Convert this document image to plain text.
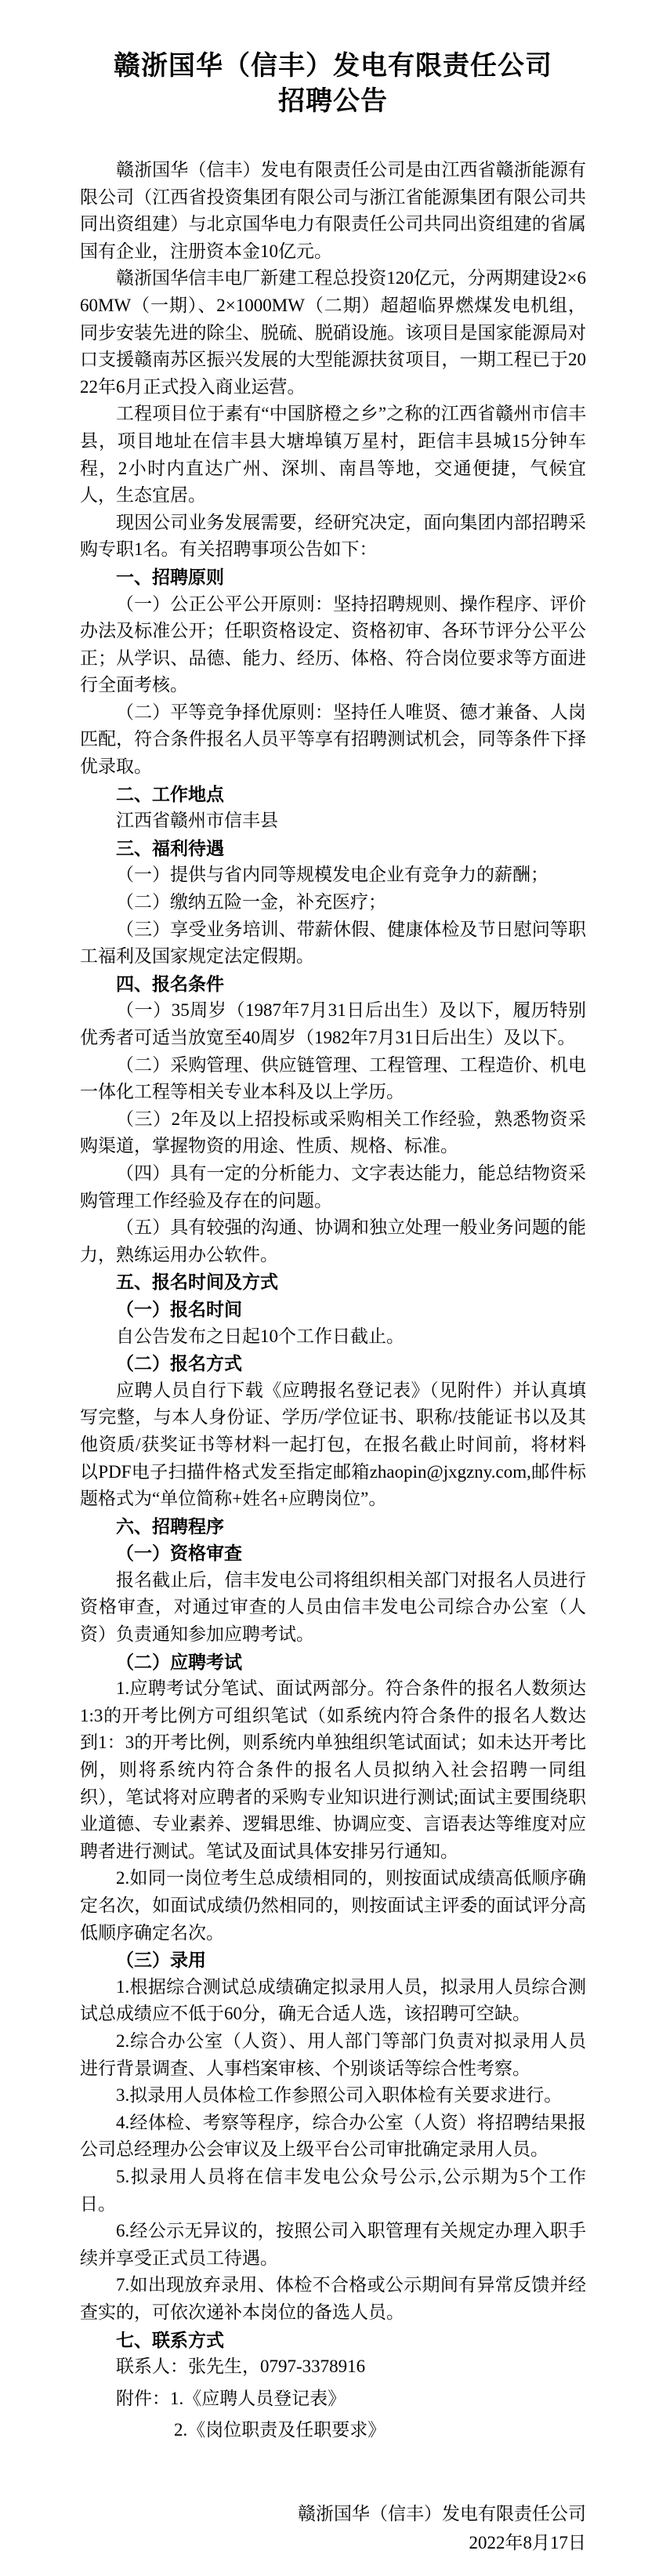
赣浙国华（信丰）发电有限责任公司
招聘公告

赣浙国华（信丰）发电有限责任公司是由江西省赣浙能源有限公司（江西省投资集团有限公司与浙江省能源集团有限公司共同出资组建）与北京国华电力有限责任公司共同出资组建的省属国有企业，注册资本金10亿元。

赣浙国华信丰电厂新建工程总投资120亿元，分两期建设2×660MW（一期）、2×1000MW（二期）超超临界燃煤发电机组，同步安装先进的除尘、脱硫、脱硝设施。该项目是国家能源局对口支援赣南苏区振兴发展的大型能源扶贫项目，一期工程已于2022年6月正式投入商业运营。

工程项目位于素有“中国脐橙之乡”之称的江西省赣州市信丰县，项目地址在信丰县大塘埠镇万星村，距信丰县城15分钟车程，2小时内直达广州、深圳、南昌等地，交通便捷，气候宜人，生态宜居。

现因公司业务发展需要，经研究决定，面向集团内部招聘采购专职1名。有关招聘事项公告如下：

一、招聘原则

（一）公正公平公开原则：坚持招聘规则、操作程序、评价办法及标准公开；任职资格设定、资格初审、各环节评分公平公正；从学识、品德、能力、经历、体格、符合岗位要求等方面进行全面考核。

（二）平等竞争择优原则：坚持任人唯贤、德才兼备、人岗匹配，符合条件报名人员平等享有招聘测试机会，同等条件下择优录取。

二、工作地点

江西省赣州市信丰县

三、福利待遇

（一）提供与省内同等规模发电企业有竞争力的薪酬；

（二）缴纳五险一金，补充医疗；

（三）享受业务培训、带薪休假、健康体检及节日慰问等职工福利及国家规定法定假期。

四、报名条件

（一）35周岁（1987年7月31日后出生）及以下，履历特别优秀者可适当放宽至40周岁（1982年7月31日后出生）及以下。

（二）采购管理、供应链管理、工程管理、工程造价、机电一体化工程等相关专业本科及以上学历。

（三）2年及以上招投标或采购相关工作经验，熟悉物资采购渠道，掌握物资的用途、性质、规格、标准。

（四）具有一定的分析能力、文字表达能力，能总结物资采购管理工作经验及存在的问题。

（五）具有较强的沟通、协调和独立处理一般业务问题的能力，熟练运用办公软件。

五、报名时间及方式

（一）报名时间

自公告发布之日起10个工作日截止。

（二）报名方式

应聘人员自行下载《应聘报名登记表》（见附件）并认真填写完整，与本人身份证、学历/学位证书、职称/技能证书以及其他资质/获奖证书等材料一起打包，在报名截止时间前，将材料以PDF电子扫描件格式发至指定邮箱zhaopin@jxgzny.com,邮件标题格式为“单位简称+姓名+应聘岗位”。

六、招聘程序

（一）资格审查

报名截止后，信丰发电公司将组织相关部门对报名人员进行资格审查，对通过审查的人员由信丰发电公司综合办公室（人资）负责通知参加应聘考试。

（二）应聘考试

1.应聘考试分笔试、面试两部分。符合条件的报名人数须达1:3的开考比例方可组织笔试（如系统内符合条件的报名人数达到1：3的开考比例，则系统内单独组织笔试面试；如未达开考比例，则将系统内符合条件的报名人员拟纳入社会招聘一同组织），笔试将对应聘者的采购专业知识进行测试;面试主要围绕职业道德、专业素养、逻辑思维、协调应变、言语表达等维度对应聘者进行测试。笔试及面试具体安排另行通知。

2.如同一岗位考生总成绩相同的，则按面试成绩高低顺序确定名次，如面试成绩仍然相同的，则按面试主评委的面试评分高低顺序确定名次。

（三）录用

1.根据综合测试总成绩确定拟录用人员，拟录用人员综合测试总成绩应不低于60分，确无合适人选，该招聘可空缺。

2.综合办公室（人资）、用人部门等部门负责对拟录用人员进行背景调查、人事档案审核、个别谈话等综合性考察。

3.拟录用人员体检工作参照公司入职体检有关要求进行。

4.经体检、考察等程序，综合办公室（人资）将招聘结果报公司总经理办公会审议及上级平台公司审批确定录用人员。

5.拟录用人员将在信丰发电公众号公示,公示期为5个工作日。

6.经公示无异议的，按照公司入职管理有关规定办理入职手续并享受正式员工待遇。

7.如出现放弃录用、体检不合格或公示期间有异常反馈并经查实的，可依次递补本岗位的备选人员。

七、联系方式

联系人：张先生，0797-3378916

附件：1.《应聘人员登记表》

2.《岗位职责及任职要求》

赣浙国华（信丰）发电有限责任公司

2022年8月17日
